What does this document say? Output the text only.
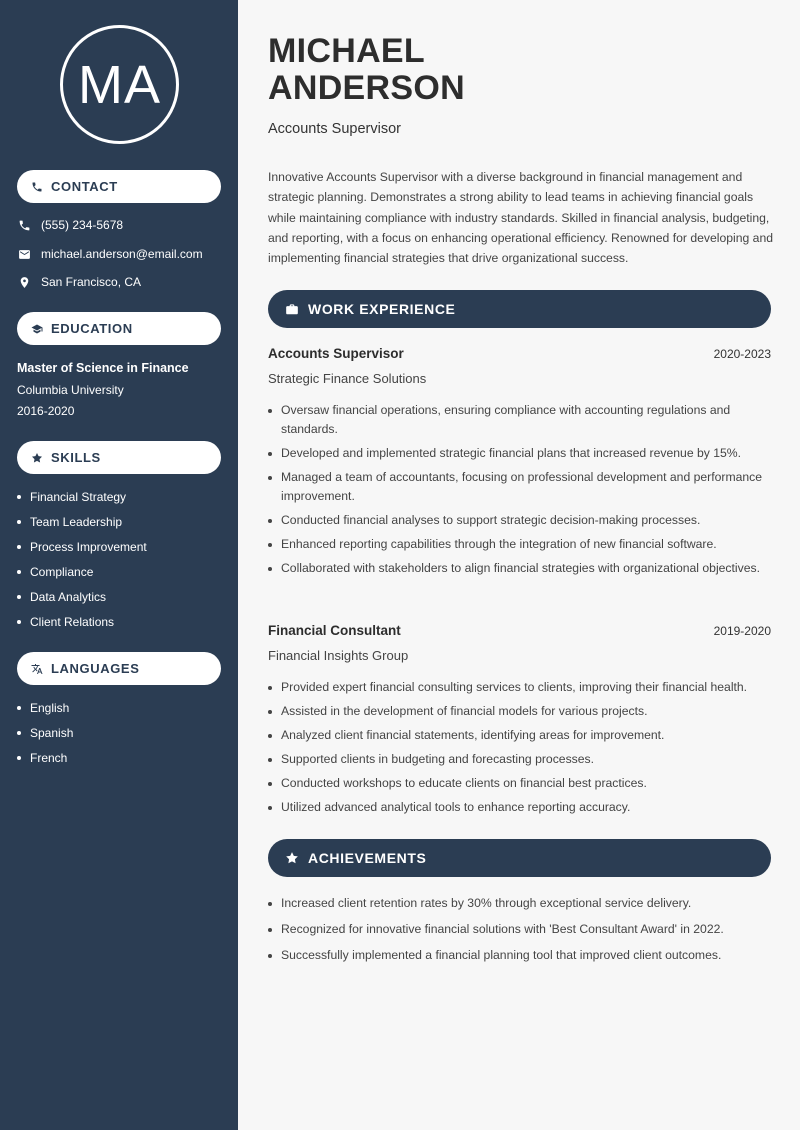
MA
CONTACT
(555) 234-5678
michael.anderson@email.com
San Francisco, CA
EDUCATION
Master of Science in Finance
Columbia University
2016-2020
SKILLS
Financial Strategy
Team Leadership
Process Improvement
Compliance
Data Analytics
Client Relations
LANGUAGES
English
Spanish
French
MICHAEL
ANDERSON
Accounts Supervisor
Innovative Accounts Supervisor with a diverse background in financial management and strategic planning. Demonstrates a strong ability to lead teams in achieving financial goals while maintaining compliance with industry standards. Skilled in financial analysis, budgeting, and reporting, with a focus on enhancing operational efficiency. Renowned for developing and implementing financial strategies that drive organizational success.
WORK EXPERIENCE
Accounts Supervisor	2020-2023
Strategic Finance Solutions
Oversaw financial operations, ensuring compliance with accounting regulations and standards.
Developed and implemented strategic financial plans that increased revenue by 15%.
Managed a team of accountants, focusing on professional development and performance improvement.
Conducted financial analyses to support strategic decision-making processes.
Enhanced reporting capabilities through the integration of new financial software.
Collaborated with stakeholders to align financial strategies with organizational objectives.
Financial Consultant	2019-2020
Financial Insights Group
Provided expert financial consulting services to clients, improving their financial health.
Assisted in the development of financial models for various projects.
Analyzed client financial statements, identifying areas for improvement.
Supported clients in budgeting and forecasting processes.
Conducted workshops to educate clients on financial best practices.
Utilized advanced analytical tools to enhance reporting accuracy.
ACHIEVEMENTS
Increased client retention rates by 30% through exceptional service delivery.
Recognized for innovative financial solutions with 'Best Consultant Award' in 2022.
Successfully implemented a financial planning tool that improved client outcomes.
